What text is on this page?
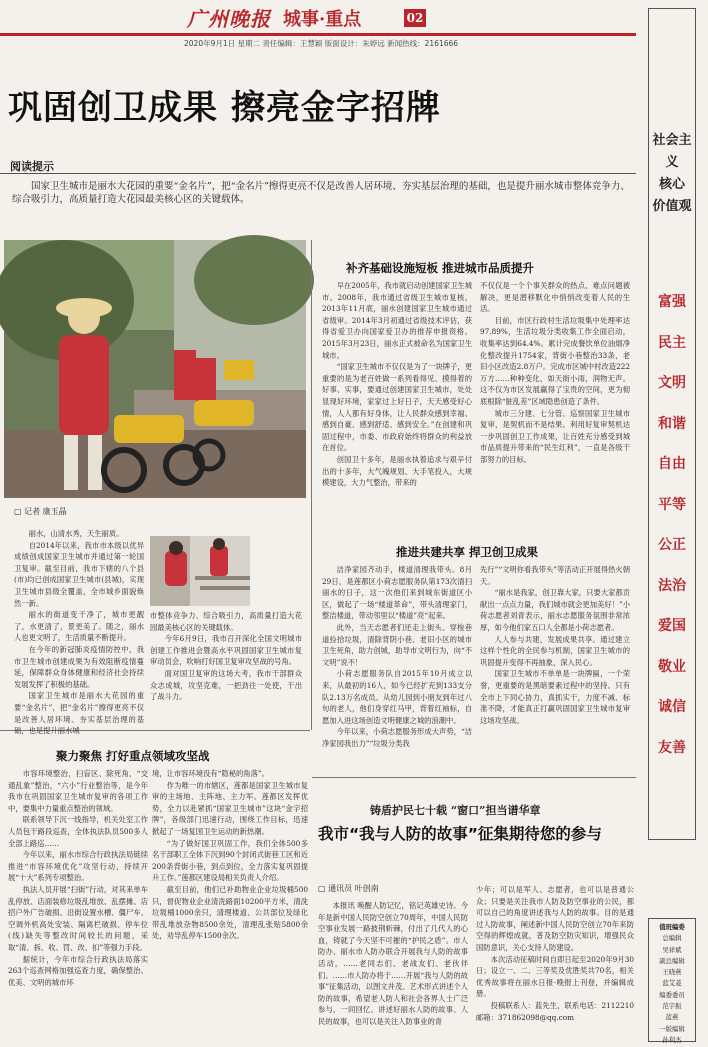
广州晚报 城事·重点	02
2020年9月1日 星期二 责任编辑：王慧颖 版面设计：朱婷远 新闻热线：2161666
巩固创卫成果 擦亮金字招牌
阅读提示
国家卫生城市是丽水大花园的重要“金名片”，把“金名片”擦得更亮不仅是改善人居环境、夯实基层治理的基础，也是提升丽水城市整体竞争力、综合吸引力，高质量打造大花园最美核心区的关键载体。
▢ 记者 康玉晶

丽水，山清水秀，天生丽质。

自2014年以来，我市市本级以优异成绩创成国家卫生城市并通过第一轮国卫复审。截至目前，我市下辖的八个县(市)均已创成国家卫生城市(县城)，实现卫生城市县级全覆盖，全市城乡面貌焕然一新。

丽水的街道变干净了，城市更靓了，水更清了，景更美了。随之，丽水人也更文明了，生活质量不断提升。

在今年的新冠肺炎疫情防控中，我市卫生城市创建成果为有效阻断疫情蔓延，保障群众身体健康和经济社会持续发展发挥了积极的基础。

国家卫生城市是丽水大花园的重要“金名片”，把“金名片”擦得更亮不仅是改善人居环境、夯实基层治理的基础，也是提升丽水城

市整体竞争力、综合吸引力，高质量打造大花园最美核心区的关键载体。

今年6月9日，我市召开深化全国文明城市创建工作推进会暨高水平巩固国家卫生城市复审动员会，吹响打好国卫复审攻坚战的号角。

面对国卫复审的这场大考，我市干部群众众志成城，攻坚克难，一把劲往一处使，干出了战斗力。

聚力聚焦 打好重点领域攻坚战

市容环境整治，扫盲区、除死角，“交通乱象”整治，“六小”行业整治等，是今年我市在巩固国家卫生城市复审的各项工作中，要集中力量重点整治的领域。

联系领导下沉一线指导，机关处室工作人员包干路段巡查，全体执法队员500多人全部上路巡……

今年以来，丽水市综合行政执法局链续推进“市容环境优化”攻坚行动，持续开展“十大”系列专项整治。

执法人员开展“扫街”行动，对其来单车乱停放、店面装修垃圾乱堆放、乱摆摊、店招户外广告破损、沿街设置水槽、僵尸车、空调外机高处安装、隔离栏破损、停车位(线)缺失等整改时间较长的问题，采取“清、拆、收、罚、改、扣”等强力手段。

据统计，今年市综合行政执法局落实263个巡查网格加强巡查力度，确保整治、优美、文明的城市环

境，让市容环境没有“隐秘的角落”。

作为唯一的市辖区，莲都是国家卫生城市复审的主场地、主阵地、主力军。莲都区发挥优势，全力以赴紧抓“国家卫生城市”这块“金字招牌”，各级部门迅速行动，围绕工作目标，迅速掀起了一场复国卫生运动的新热潮。

“为了做好国卫巩固工作，我们全体500多名干部职工全体下沉到90个封闭式街巷工区和近200条背街小巷，到点到位，全力落实复巩固提升工作。”莲都区建设局相关负责人介绍。

截至目前，他们已补助物业企业垃圾桶500只，督促物业企业清洗路面10200平方米，清洗垃圾桶1000余只，清理楼道、公共部位及绿化带乱堆放杂物8500余处，清理乱张贴5800余处，劝导乱停车1500余次。

补齐基础设施短板 推进城市品质提升

早在2005年，我市就启动创建国家卫生城市。2008年，我市通过省级卫生城市复核。2013年11月底，丽水创建国家卫生城市通过省级审。2014年3月初通过省级技术评估，获得省爱卫办向国家爱卫办的推荐申报资格。2015年3月23日，丽水正式被命名为国家卫生城市。

“国家卫生城市不仅仅是为了一块牌子，更重要的是为老百姓做一系列看得见、摸得着的好事、实事，要通过创建国家卫生城市，处处显现好环境，家家过上好日子，天天感受好心情，人人都有好身体，让人民群众感到幸福、感到自豪、感到舒适、感到安全。”在创建和巩固过程中，市委、市政府始终将群众的利益放在首位。

创国卫十多年，是丽水执着追求与艰辛付出的十多年，大气魄规划、大手笔投入，大规模建设，大力气整治，带来的

不仅仅是一个个事关群众的热点、难点问题被解决，更是潜移默化中悄悄改变着人民的生活。

目前，市区行政村生活垃圾集中处理率达97.89%，生活垃圾分类收集工作全面启动，收集率达到64.4%。累计完成餐饮单位油烟净化整改提升1754家，背街小巷整治33条，老旧小区改造2.8万户。完成市区城中村改造222万方……种种变化，如天街小雨，润物无声。这不仅为市区发展赢得了宝贵的空间，更为彻底根除“脏乱差”区域隐患创造了条件。

城市三分建、七分管。巡察国家卫生城市复审，是契机而不是结果。利用好复审契机达一步巩固创卫工作成果，让百姓充分感受到城市品质提升带来的“民生红利”，一直是各级干部努力的目标。

推进共建共享 捍卫创卫成果

洁净家园齐动手，楼道清理我带头。8月29日，是莲都区小荷志愿服务队第173次清扫丽水的日子，这一次他们来到城东街道区小区，做起了一场“楼道革命”，带头清理家门，整洁楼道，带动邻里以“楼道”亮“起来。

此外，当天志愿者们还走上街头、穿梭巷道捡拾垃圾，清除背阴小巷、老旧小区的城市卫生死角，助力创城，助导市文明行为，向“不文明”说不！

小荷志愿服务队自2015年10月成立以来，从最初的16人，如今已经扩充到133支分队2.13万名成员。从幼儿园到小朋友到年过八旬的老人，他们身穿红马甲，背着红袖标，自愿加入进这场创造文明健康之城的浪潮中。

今年以来，小荷志愿服务形成大声势，“洁净家园我出力”“垃圾分类我

先行”“文明你看我带头”等活动正开展得热火朝天。

“丽水是我家，创卫靠大家，只要大家都贡献出一点点力量，我们城市就会更加美好！”小荷志愿者刘青表示，丽水志愿服务氛围非常浓厚，如今他们家五口人全都是小荷志愿者。

人人参与共建，发展成果共享。通过建立这样个性化的全民参与机制，国家卫生城市的巩固提升变得不再抽象，深入民心。

国家卫生城市不单单是一块牌匾，一个荣誉，更重要的是黑暗要素过程中的坚持。只有全市上下同心协力，真抓实干，力度不减、标准不降，才能真正打赢巩固国家卫生城市复审这场攻坚战。

铸盾护民七十载 “窗口”担当谱华章
我市“我与人防的故事”征集期待您的参与
▢ 通讯员 叶创南

本报讯 唤醒人防记忆，铭记英雄史诗。今年是新中国人民防空创立70周年，中国人民防空事业发展一路披荆斩棘，付出了几代人的心血，铸就了今天坚不可摧的“护民之盾”。市人防办、丽水市人防办联合开展我与人防的故事活动，……老同志们、老战友们、老伙伴们、……市人防办将于……开展“我与人防的故事”征集活动，以图文并茂、艺术形式讲述个人防的故事，希望老人防人和社会各界人士广泛参与，一同回忆、讲述好丽水人防的故事、人民的故事，也可以是关注人防事业的青

少年；可以是军人、志愿者，也可以是普通公众；只要是关注我市人防及防空事业的公民，都可以自己的角度讲述我与人防的故事。目的是通过人防故事，阐述新中国人民防空创立70年来防空得的辉煌成就，普及防空防灾知识，增强民众国防意识，关心支持人防建设。

本次活动征稿时间自即日起至2020年9月30日；设立一、二、三等奖及优胜奖共70名，相关优秀故事将在丽水日报·晚报上刊登，并编辑成册。

投稿联系人：蓝先生，联系电话：2112210 邮箱：371862098@qq.com

社会主义
核心
价值观
富强
民主
文明
和谐
自由
平等
公正
法治
爱国
敬业
诚信
友善
值班编委
总编辑
吴祥斌
副总编辑
王晓燕
蓝艾菱
编委委员
范宇振
蓝燕
一版编辑
孙利杰
